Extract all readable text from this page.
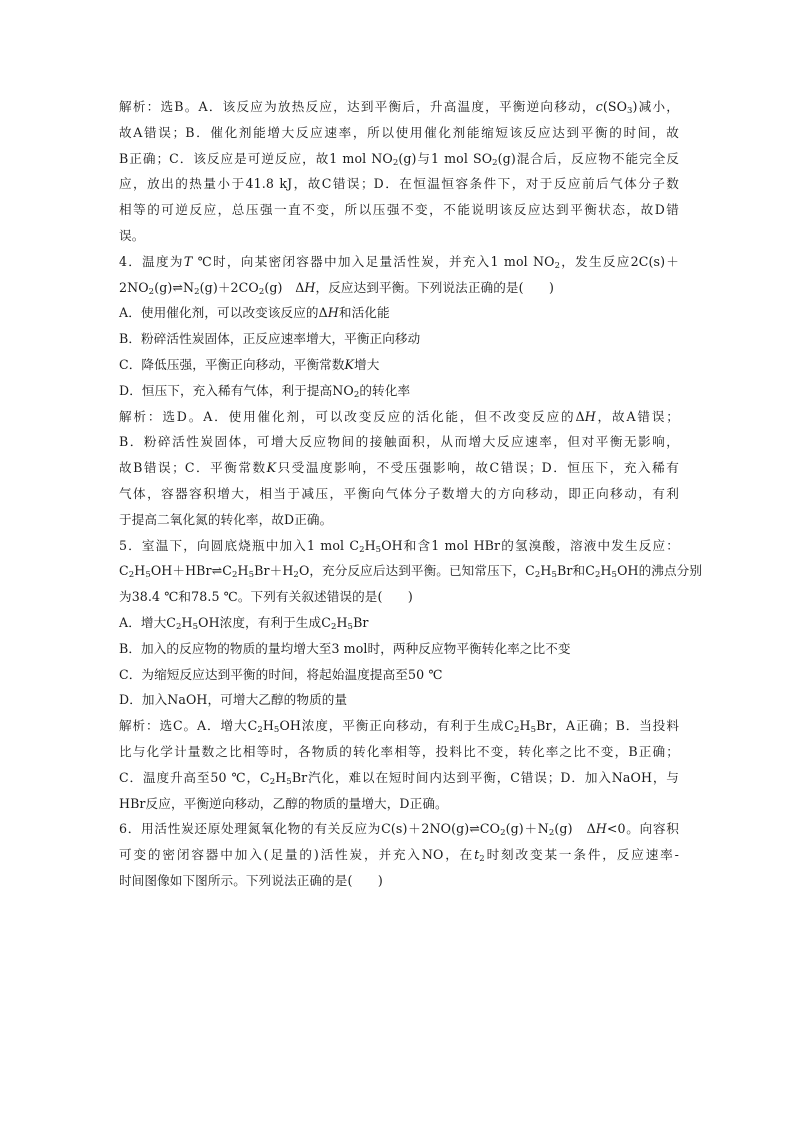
解析：选B。A．该反应为放热反应，达到平衡后，升高温度，平衡逆向移动，$c(SO_3)$减小，
故A错误；B．催化剂能增大反应速率，所以使用催化剂能缩短该反应达到平衡的时间，故
B正确；C．该反应是可逆反应，故1 mol $NO_2(g)$与1 mol $SO_2(g)$混合后，反应物不能完全反
应，放出的热量小于41.8 kJ，故C错误；D．在恒温恒容条件下，对于反应前后气体分子数
相等的可逆反应，总压强一直不变，所以压强不变，不能说明该反应达到平衡状态，故D错
误。
4．温度为T ℃时，向某密闭容器中加入足量活性炭，并充入1 mol $NO_2$，发生反应2C(s)＋
$2NO_2(g)\rightleftharpoons N_2(g)+2CO_2(g)$　ΔH，反应达到平衡。下列说法正确的是(　　)
A．使用催化剂，可以改变该反应的ΔH和活化能
B．粉碎活性炭固体，正反应速率增大，平衡正向移动
C．降低压强，平衡正向移动，平衡常数K增大
D．恒压下，充入稀有气体，利于提高$NO_2$的转化率
解析：选D。A．使用催化剂，可以改变反应的活化能，但不改变反应的ΔH，故A错误；
B．粉碎活性炭固体，可增大反应物间的接触面积，从而增大反应速率，但对平衡无影响，
故B错误；C．平衡常数K只受温度影响，不受压强影响，故C错误；D．恒压下，充入稀有
气体，容器容积增大，相当于减压，平衡向气体分子数增大的方向移动，即正向移动，有利
于提高二氧化氮的转化率，故D正确。
5．室温下，向圆底烧瓶中加入1 mol $C_2H_5OH$和含1 mol HBr的氢溴酸，溶液中发生反应：
$C_2H_5OH+HBr\rightleftharpoons C_2H_5Br+H_2O$，充分反应后达到平衡。已知常压下，$C_2H_5Br$和$C_2H_5OH$的沸点分别
为38.4 ℃和78.5 ℃。下列有关叙述错误的是(　　)
A．增大$C_2H_5OH$浓度，有利于生成$C_2H_5Br$
B．加入的反应物的物质的量均增大至3 mol时，两种反应物平衡转化率之比不变
C．为缩短反应达到平衡的时间，将起始温度提高至50 ℃
D．加入NaOH，可增大乙醇的物质的量
解析：选C。A．增大$C_2H_5OH$浓度，平衡正向移动，有利于生成$C_2H_5Br$，A正确；B．当投料
比与化学计量数之比相等时，各物质的转化率相等，投料比不变，转化率之比不变，B正确；
C．温度升高至50 ℃，$C_2H_5Br$汽化，难以在短时间内达到平衡，C错误；D．加入NaOH，与
HBr反应，平衡逆向移动，乙醇的物质的量增大，D正确。
6．用活性炭还原处理氮氧化物的有关反应为$C(s)+2NO(g)\rightleftharpoons CO_2(g)+N_2(g)$　ΔH<0。向容积
可变的密闭容器中加入(足量的)活性炭，并充入NO，在$t_2$时刻改变某一条件，反应速率-
时间图像如下图所示。下列说法正确的是(　　)
